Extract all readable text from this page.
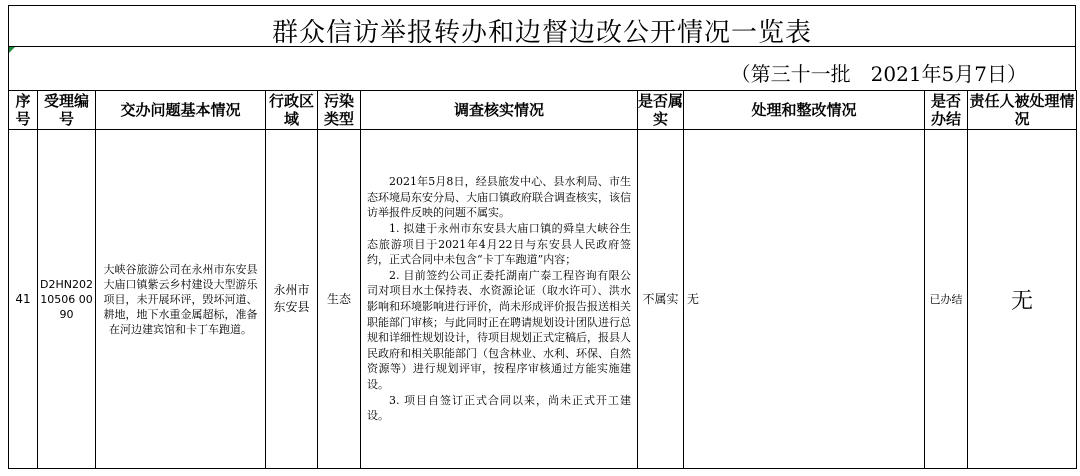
群众信访举报转办和边督边改公开情况一览表
（第三十一批　2021年5月7日）
序号	受理编号	交办问题基本情况	行政区域	污染类型	调查核实情况	是否属实	处理和整改情况	是否办结	责任人被处理情况
41	D2HN20210506 0090	大峡谷旅游公司在永州市东安县大庙口镇紫云乡村建设大型游乐项目，未开展环评，毁坏河道、耕地，地下水重金属超标，准备在河边建宾馆和卡丁车跑道。	永州市东安县	生态	2021年5月8日，经县旅发中心、县水利局、市生态环境局东安分局、大庙口镇政府联合调查核实，该信访举报件反映的问题不属实。

1. 拟建于永州市东安县大庙口镇的舜皇大峡谷生态旅游项目于2021年4月22日与东安县人民政府签约，正式合同中未包含“卡丁车跑道”内容；

2. 目前签约公司正委托湖南广泰工程咨询有限公司对项目水土保持表、水资源论证（取水许可）、洪水影响和环境影响进行评价，尚未形成评价报告报送相关职能部门审核；与此同时正在聘请规划设计团队进行总规和详细性规划设计，待项目规划正式定稿后，报县人民政府和相关职能部门（包含林业、水利、环保、自然资源等）进行规划评审，按程序审核通过方能实施建设。

3. 项目自签订正式合同以来，尚未正式开工建设。	不属实	无	已办结	无
